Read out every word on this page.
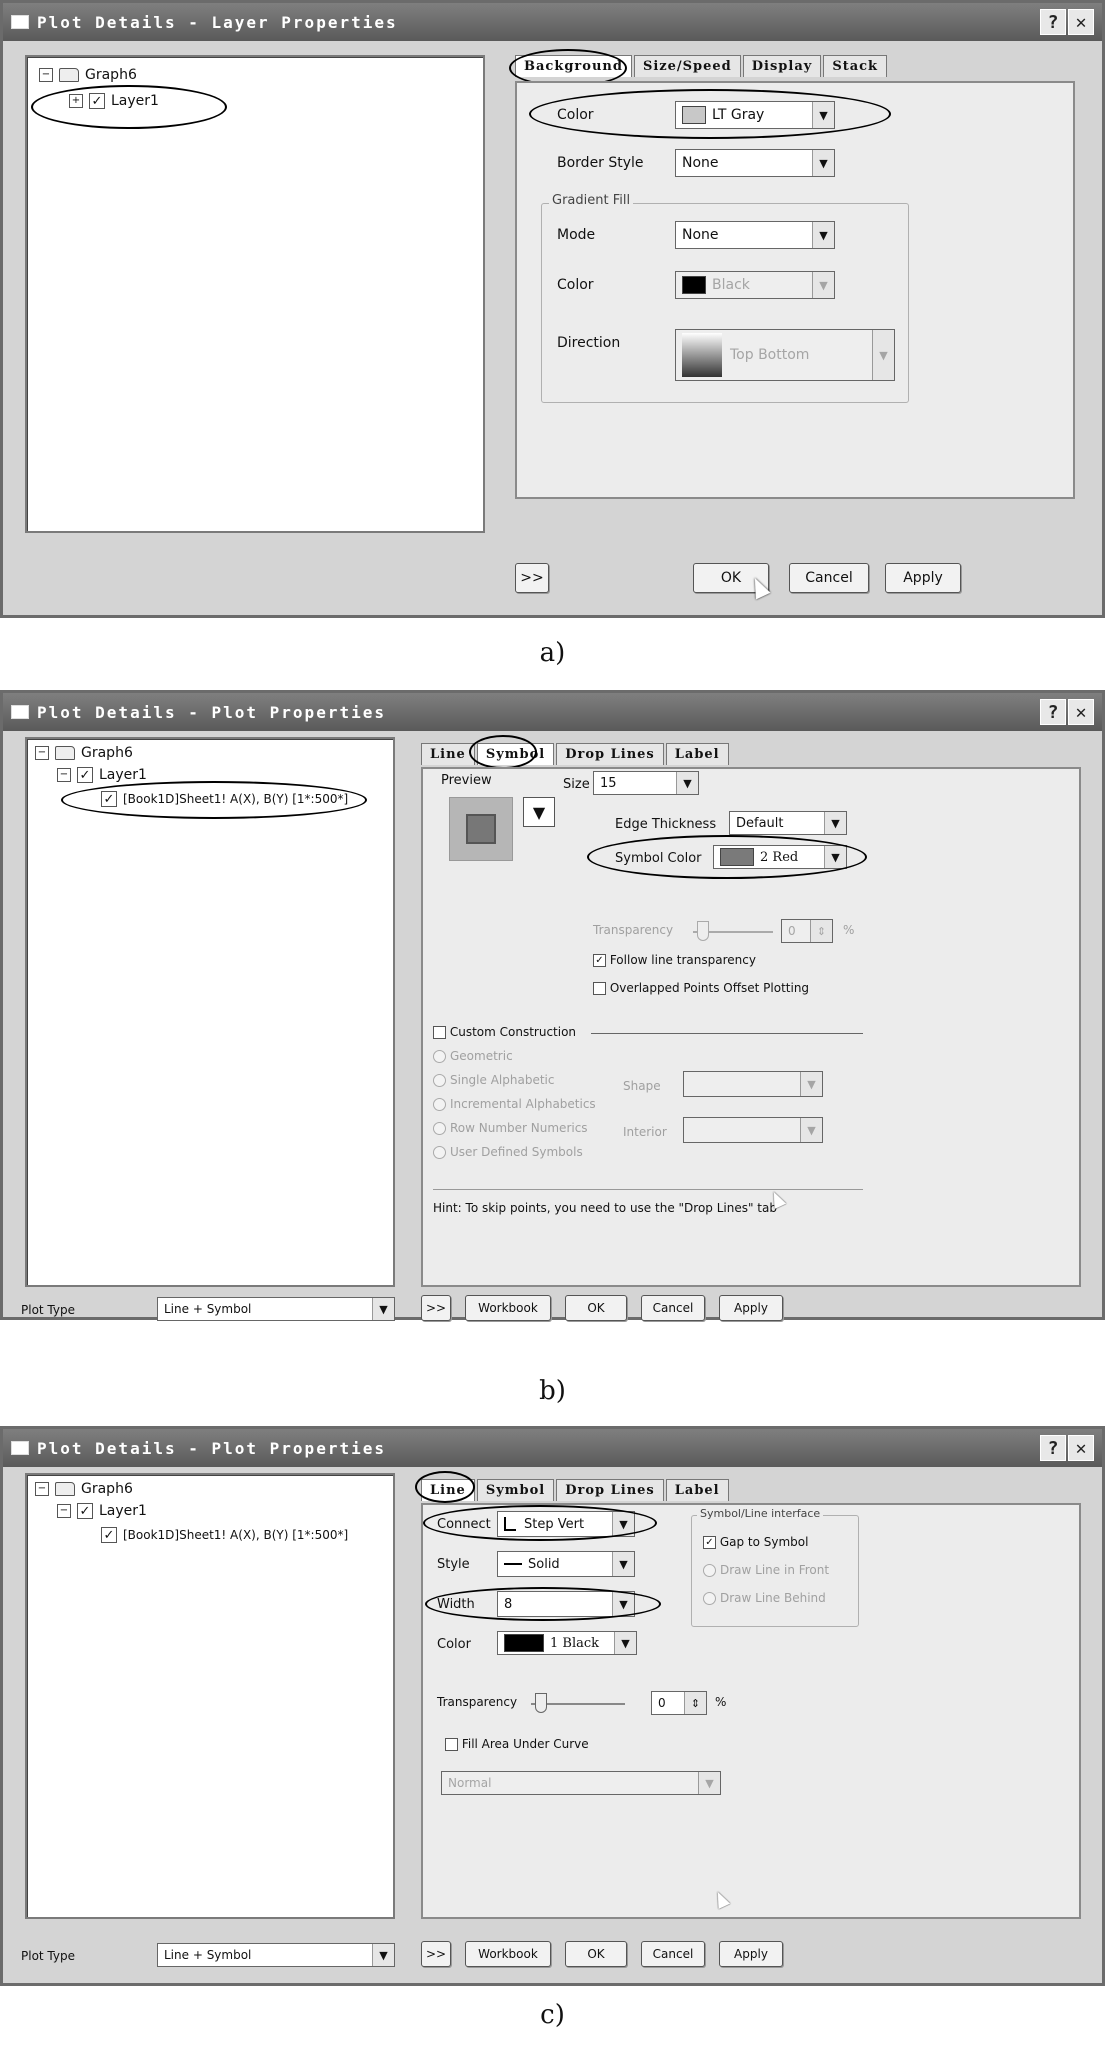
Plot Details - Layer Properties	? ✕
− Graph6
+ ✓ Layer1
Background	Size/Speed	Display	Stack
Color	LT Gray	▼
Border Style	None	▼
Gradient Fill
Mode	None	▼
Color	Black	▼
Direction
Top Bottom	▼
>>	OK	Cancel	Apply
a)
Plot Details - Plot Properties	? ✕
− Graph6
− ✓ Layer1
✓ [Book1D]Sheet1! A(X), B(Y) [1*:500*]
Line	Symbol	Drop Lines	Label
Preview
▼
Size 15	▼
Edge Thickness Default	▼
Symbol Color	2 Red	▼
Transparency	0	⇕	%
✓ Follow line transparency
Overlapped Points Offset Plotting
Custom Construction
Geometric
Single Alphabetic
Incremental Alphabetics
Row Number Numerics
User Defined Symbols
Shape	▼
Interior	▼
Hint: To skip points, you need to use the "Drop Lines" tab
Plot Type	Line + Symbol	▼	>>	Workbook	OK	Cancel	Apply
b)
Plot Details - Plot Properties	? ✕
− Graph6
− ✓ Layer1
✓ [Book1D]Sheet1! A(X), B(Y) [1*:500*]
Line	Symbol	Drop Lines	Label
Connect	Step Vert	▼
Style	Solid	▼
Width 8	▼
Color	1 Black	▼
Symbol/Line interface
✓ Gap to Symbol
Draw Line in Front
Draw Line Behind
Transparency	0	⇕	%
Fill Area Under Curve
Normal	▼
Plot Type	Line + Symbol	▼	>>	Workbook	OK	Cancel	Apply
c)
